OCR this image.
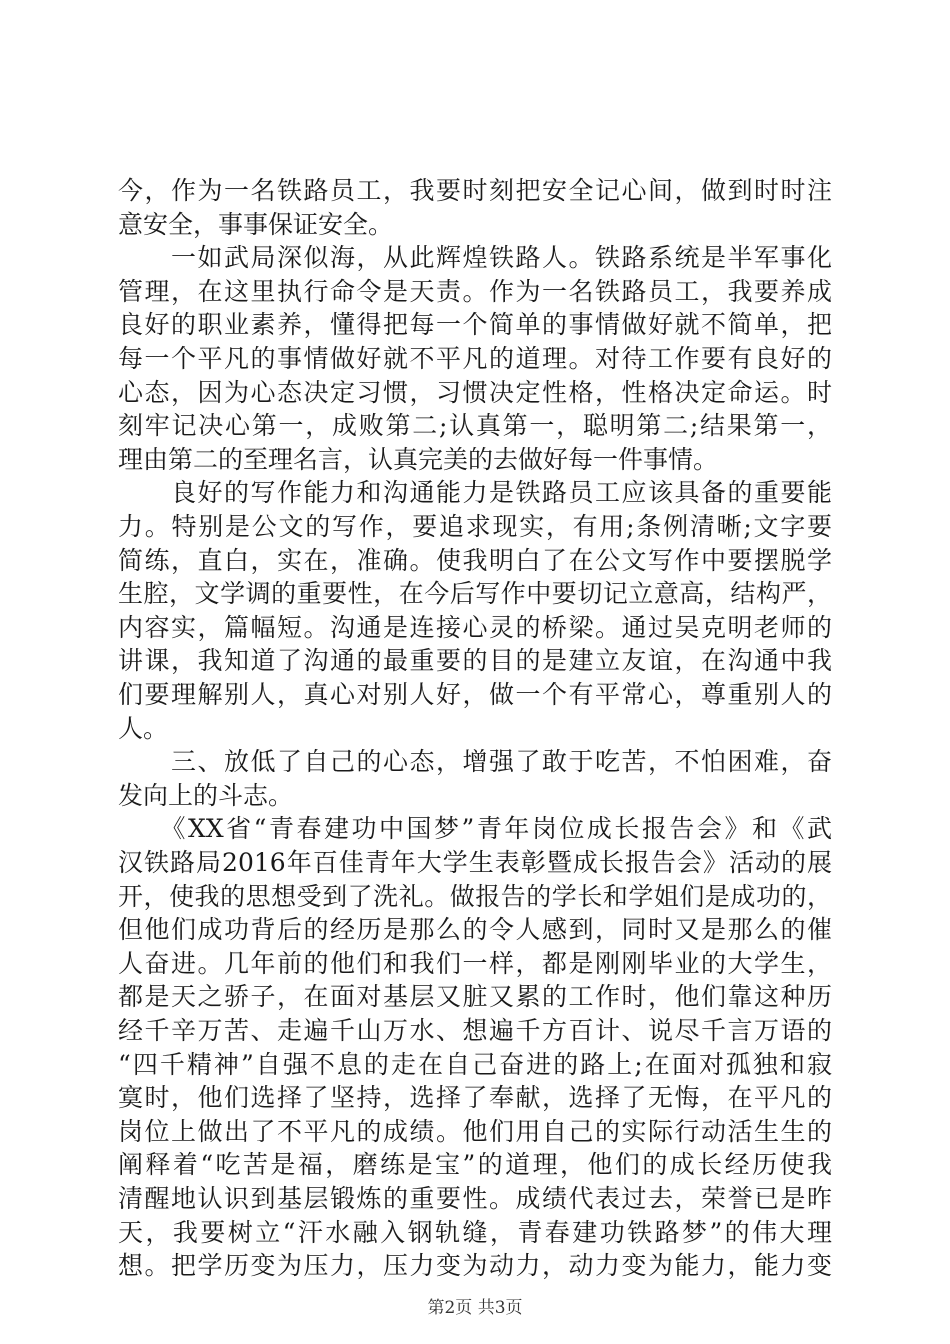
今，作为一名铁路员工，我要时刻把安全记心间，做到时时注
意安全，事事保证安全。
　　一如武局深似海，从此辉煌铁路人。铁路系统是半军事化
管理，在这里执行命令是天责。作为一名铁路员工，我要养成
良好的职业素养，懂得把每一个简单的事情做好就不简单，把
每一个平凡的事情做好就不平凡的道理。对待工作要有良好的
心态，因为心态决定习惯，习惯决定性格，性格决定命运。时
刻牢记决心第一，成败第二;认真第一，聪明第二;结果第一，
理由第二的至理名言，认真完美的去做好每一件事情。
　　良好的写作能力和沟通能力是铁路员工应该具备的重要能
力。特别是公文的写作，要追求现实，有用;条例清晰;文字要
简练，直白，实在，准确。使我明白了在公文写作中要摆脱学
生腔，文学调的重要性，在今后写作中要切记立意高，结构严，
内容实，篇幅短。沟通是连接心灵的桥梁。通过吴克明老师的
讲课，我知道了沟通的最重要的目的是建立友谊，在沟通中我
们要理解别人，真心对别人好，做一个有平常心，尊重别人的
人。
　　三、放低了自己的心态，增强了敢于吃苦，不怕困难，奋
发向上的斗志。
　　《XX省“青春建功中国梦”青年岗位成长报告会》和《武
汉铁路局2016年百佳青年大学生表彰暨成长报告会》活动的展
开，使我的思想受到了洗礼。做报告的学长和学姐们是成功的，
但他们成功背后的经历是那么的令人感到，同时又是那么的催
人奋进。几年前的他们和我们一样，都是刚刚毕业的大学生，
都是天之骄子，在面对基层又脏又累的工作时，他们靠这种历
经千辛万苦、走遍千山万水、想遍千方百计、说尽千言万语的
“四千精神”自强不息的走在自己奋进的路上;在面对孤独和寂
寞时，他们选择了坚持，选择了奉献，选择了无悔，在平凡的
岗位上做出了不平凡的成绩。他们用自己的实际行动活生生的
阐释着“吃苦是福，磨练是宝”的道理，他们的成长经历使我
清醒地认识到基层锻炼的重要性。成绩代表过去，荣誉已是昨
天，我要树立“汗水融入钢轨缝，青春建功铁路梦”的伟大理
想。把学历变为压力，压力变为动力，动力变为能力，能力变
第2页 共3页
